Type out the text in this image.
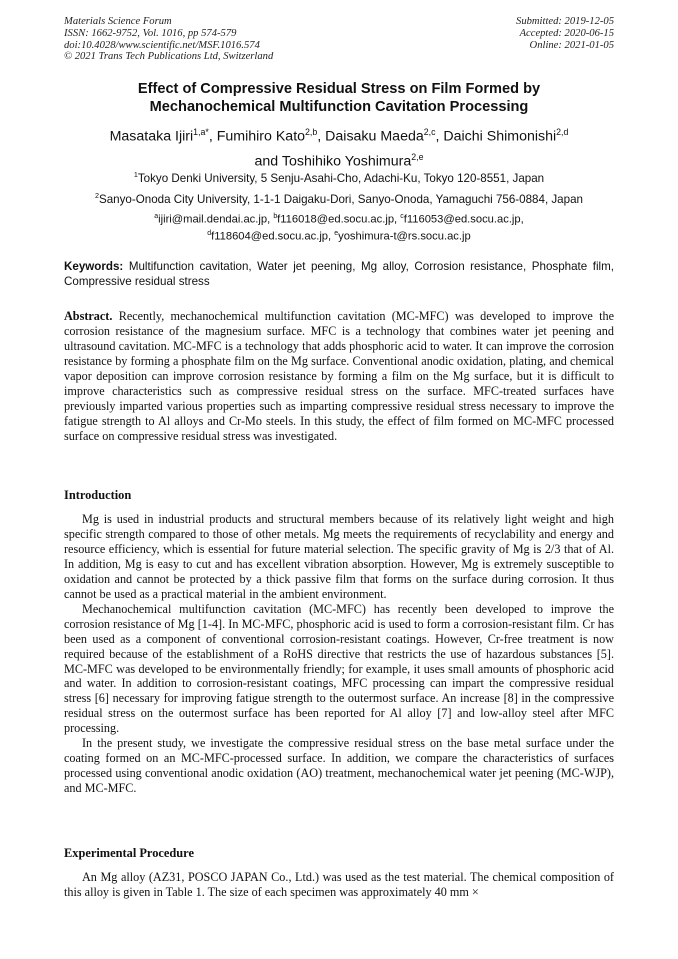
Materials Science Forum
ISSN: 1662-9752, Vol. 1016, pp 574-579
doi:10.4028/www.scientific.net/MSF.1016.574
© 2021 Trans Tech Publications Ltd, Switzerland
Submitted: 2019-12-05
Accepted: 2020-06-15
Online: 2021-01-05
Effect of Compressive Residual Stress on Film Formed by
Mechanochemical Multifunction Cavitation Processing
Masataka Ijiri$^{1,a*}$, Fumihiro Kato$^{2,b}$, Daisaku Maeda$^{2,c}$, Daichi Shimonishi$^{2,d}$
and Toshihiko Yoshimura$^{2,e}$
$^1$Tokyo Denki University, 5 Senju-Asahi-Cho, Adachi-Ku, Tokyo 120-8551, Japan
$^2$Sanyo-Onoda City University, 1-1-1 Daigaku-Dori, Sanyo-Onoda, Yamaguchi 756-0884, Japan
$^a$ijiri@mail.dendai.ac.jp, $^b$f116018@ed.socu.ac.jp, $^c$f116053@ed.socu.ac.jp,
$^d$f118604@ed.socu.ac.jp, $^e$yoshimura-t@rs.socu.ac.jp
Keywords: Multifunction cavitation, Water jet peening, Mg alloy, Corrosion resistance, Phosphate film, Compressive residual stress
Abstract. Recently, mechanochemical multifunction cavitation (MC-MFC) was developed to improve the corrosion resistance of the magnesium surface. MFC is a technology that combines water jet peening and ultrasound cavitation. MC-MFC is a technology that adds phosphoric acid to water. It can improve the corrosion resistance by forming a phosphate film on the Mg surface. Conventional anodic oxidation, plating, and chemical vapor deposition can improve corrosion resistance by forming a film on the Mg surface, but it is difficult to improve characteristics such as compressive residual stress on the surface. MFC-treated surfaces have previously imparted various properties such as imparting compressive residual stress necessary to improve the fatigue strength to Al alloys and Cr-Mo steels. In this study, the effect of film formed on MC-MFC processed surface on compressive residual stress was investigated.
Introduction

Mg is used in industrial products and structural members because of its relatively light weight and high specific strength compared to those of other metals. Mg meets the requirements of recyclability and energy and resource efficiency, which is essential for future material selection. The specific gravity of Mg is 2/3 that of Al. In addition, Mg is easy to cut and has excellent vibration absorption. However, Mg is extremely susceptible to oxidation and cannot be protected by a thick passive film that forms on the surface during corrosion. It thus cannot be used as a practical material in the ambient environment.

Mechanochemical multifunction cavitation (MC-MFC) has recently been developed to improve the corrosion resistance of Mg [1-4]. In MC-MFC, phosphoric acid is used to form a corrosion-resistant film. Cr has been used as a component of conventional corrosion-resistant coatings. However, Cr-free treatment is now required because of the establishment of a RoHS directive that restricts the use of hazardous substances [5]. MC-MFC was developed to be environmentally friendly; for example, it uses small amounts of phosphoric acid and water. In addition to corrosion-resistant coatings, MFC processing can impart the compressive residual stress [6] necessary for improving fatigue strength to the outermost surface. An increase [8] in the compressive residual stress on the outermost surface has been reported for Al alloy [7] and low-alloy steel after MFC processing.

In the present study, we investigate the compressive residual stress on the base metal surface under the coating formed on an MC-MFC-processed surface. In addition, we compare the characteristics of surfaces processed using conventional anodic oxidation (AO) treatment, mechanochemical water jet peening (MC-WJP), and MC-MFC.

Experimental Procedure

An Mg alloy (AZ31, POSCO JAPAN Co., Ltd.) was used as the test material. The chemical composition of this alloy is given in Table 1. The size of each specimen was approximately 40 mm ×
